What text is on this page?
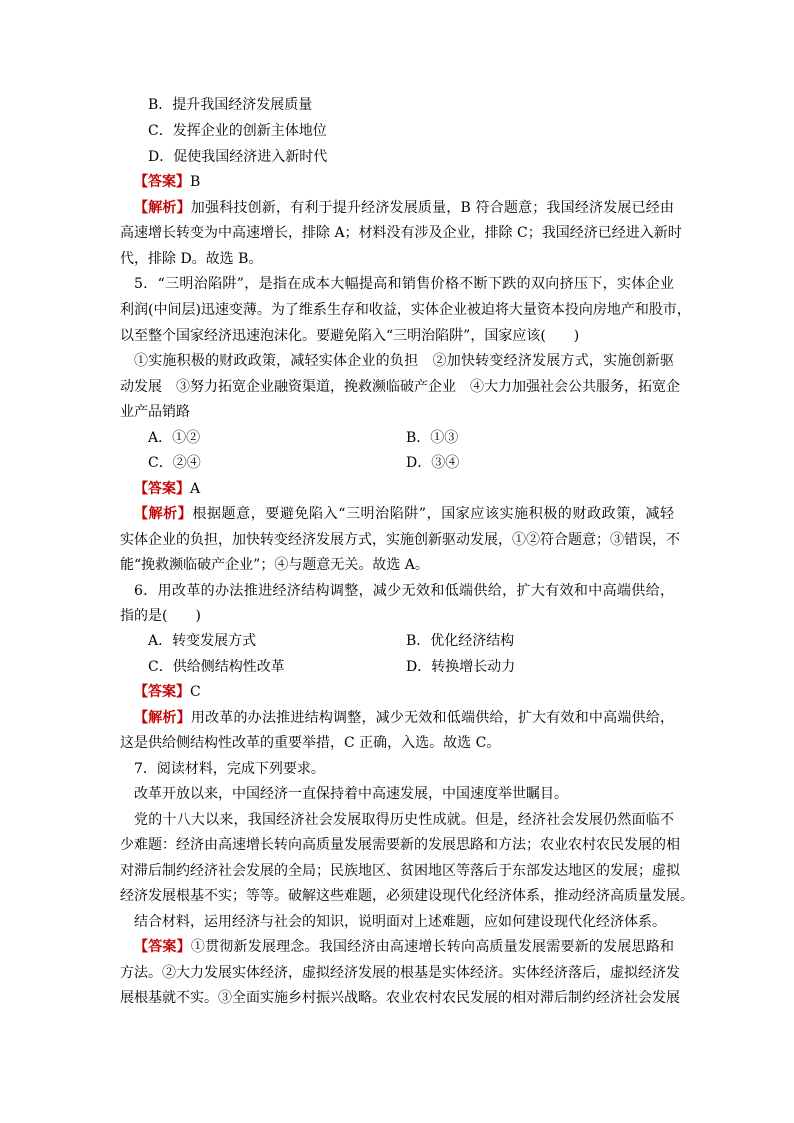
B．提升我国经济发展质量
C．发挥企业的创新主体地位
D．促使我国经济进入新时代
【答案】B
【解析】加强科技创新，有利于提升经济发展质量，B 符合题意；我国经济发展已经由
高速增长转变为中高速增长，排除 A；材料没有涉及企业，排除 C；我国经济已经进入新时
代，排除 D。故选 B。
5．“三明治陷阱”，是指在成本大幅提高和销售价格不断下跌的双向挤压下，实体企业
利润(中间层)迅速变薄。为了维系生存和收益，实体企业被迫将大量资本投向房地产和股市，
以至整个国家经济迅速泡沫化。要避免陷入“三明治陷阱”，国家应该(　　)
①实施积极的财政政策，减轻实体企业的负担　②加快转变经济发展方式，实施创新驱
动发展　③努力拓宽企业融资渠道，挽救濒临破产企业　④大力加强社会公共服务，拓宽企
业产品销路
A．①②	B．①③
C．②④	D．③④
【答案】A
【解析】根据题意，要避免陷入“三明治陷阱”，国家应该实施积极的财政政策，减轻
实体企业的负担，加快转变经济发展方式，实施创新驱动发展，①②符合题意；③错误，不
能“挽救濒临破产企业”；④与题意无关。故选 A。
6．用改革的办法推进经济结构调整，减少无效和低端供给，扩大有效和中高端供给，
指的是(　　)
A．转变发展方式	B．优化经济结构
C．供给侧结构性改革	D．转换增长动力
【答案】C
【解析】用改革的办法推进结构调整，减少无效和低端供给，扩大有效和中高端供给，
这是供给侧结构性改革的重要举措，C 正确，入选。故选 C。
7．阅读材料，完成下列要求。
改革开放以来，中国经济一直保持着中高速发展，中国速度举世瞩目。
党的十八大以来，我国经济社会发展取得历史性成就。但是，经济社会发展仍然面临不
少难题：经济由高速增长转向高质量发展需要新的发展思路和方法；农业农村农民发展的相
对滞后制约经济社会发展的全局；民族地区、贫困地区等落后于东部发达地区的发展；虚拟
经济发展根基不实；等等。破解这些难题，必须建设现代化经济体系，推动经济高质量发展。
结合材料，运用经济与社会的知识，说明面对上述难题，应如何建设现代化经济体系。
【答案】①贯彻新发展理念。我国经济由高速增长转向高质量发展需要新的发展思路和
方法。②大力发展实体经济，虚拟经济发展的根基是实体经济。实体经济落后，虚拟经济发
展根基就不实。③全面实施乡村振兴战略。农业农村农民发展的相对滞后制约经济社会发展
